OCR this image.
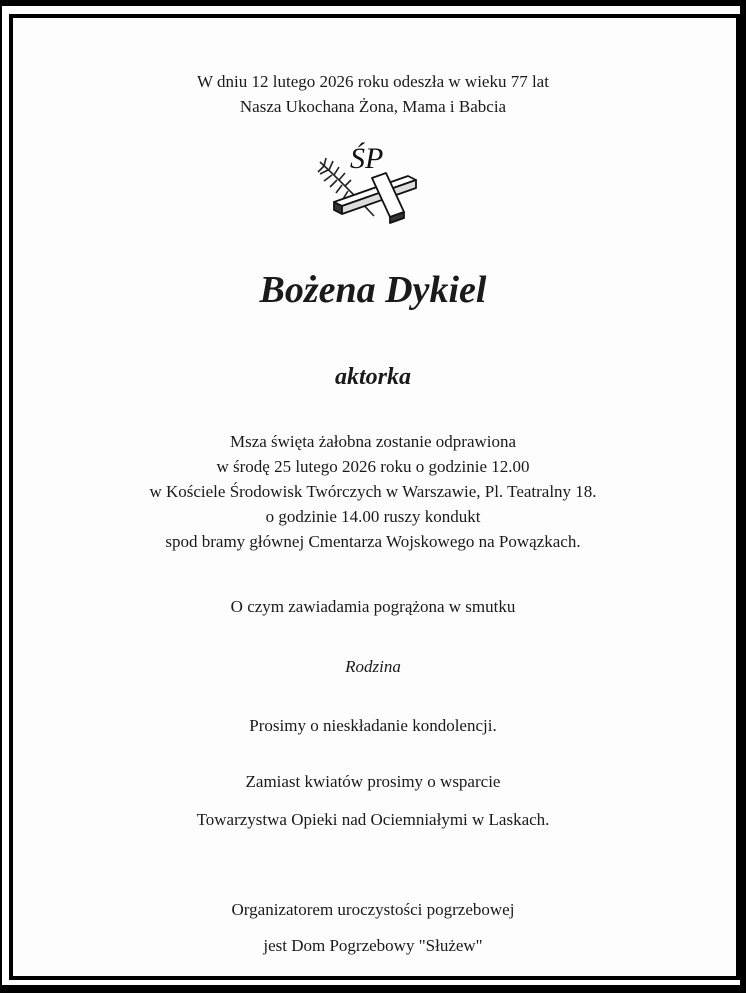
W dniu 12 lutego 2026 roku odeszła w wieku 77 lat
Nasza Ukochana Żona, Mama i Babcia
ŚP
Bożena Dykiel
aktorka
Msza święta żałobna zostanie odprawiona
w środę 25 lutego 2026 roku o godzinie 12.00
w Kościele Środowisk Twórczych w Warszawie, Pl. Teatralny 18.
o godzinie 14.00 ruszy kondukt
spod bramy głównej Cmentarza Wojskowego na Powązkach.
O czym zawiadamia pogrążona w smutku
Rodzina
Prosimy o nieskładanie kondolencji.
Zamiast kwiatów prosimy o wsparcie
Towarzystwa Opieki nad Ociemniałymi w Laskach.
Organizatorem uroczystości pogrzebowej
jest Dom Pogrzebowy "Służew"
